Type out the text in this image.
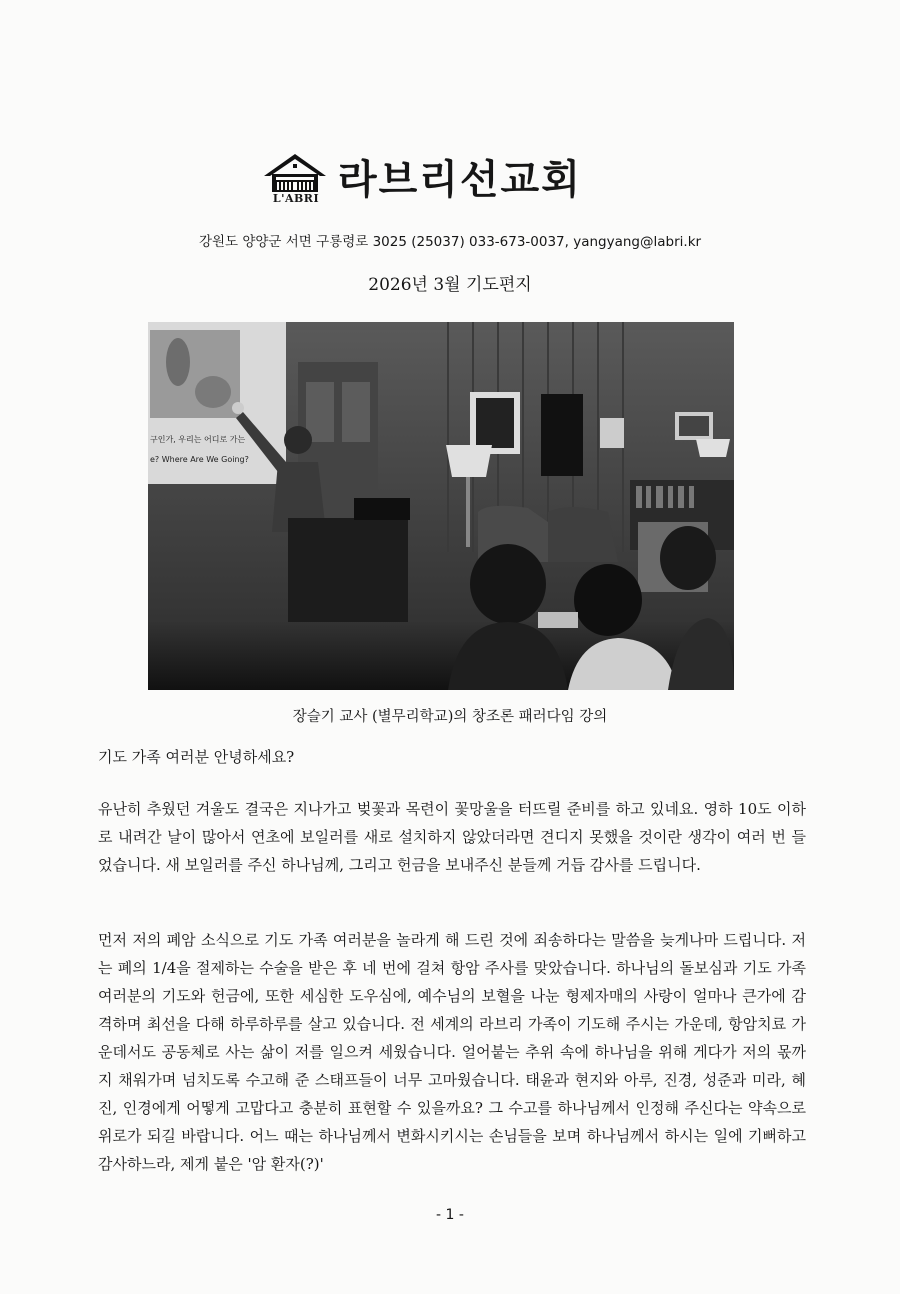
L'ABRI 라브리선교회
강원도 양양군 서면 구룡령로 3025 (25037) 033-673-0037, yangyang@labri.kr
2026년 3월 기도편지
구인가, 우리는 어디로 가는
e? Where Are We Going?
장슬기 교사 (별무리학교)의 창조론 패러다임 강의
기도 가족 여러분 안녕하세요?

유난히 추웠던 겨울도 결국은 지나가고 벚꽃과 목련이 꽃망울을 터뜨릴 준비를 하고 있네요. 영하 10도 이하로 내려간 날이 많아서 연초에 보일러를 새로 설치하지 않았더라면 견디지 못했을 것이란 생각이 여러 번 들었습니다. 새 보일러를 주신 하나님께, 그리고 헌금을 보내주신 분들께 거듭 감사를 드립니다.

먼저 저의 폐암 소식으로 기도 가족 여러분을 놀라게 해 드린 것에 죄송하다는 말씀을 늦게나마 드립니다. 저는 폐의 1/4을 절제하는 수술을 받은 후 네 번에 걸쳐 항암 주사를 맞았습니다. 하나님의 돌보심과 기도 가족 여러분의 기도와 헌금에, 또한 세심한 도우심에, 예수님의 보혈을 나눈 형제자매의 사랑이 얼마나 큰가에 감격하며 최선을 다해 하루하루를 살고 있습니다. 전 세계의 라브리 가족이 기도해 주시는 가운데, 항암치료 가운데서도 공동체로 사는 삶이 저를 일으켜 세웠습니다. 얼어붙는 추위 속에 하나님을 위해 게다가 저의 몫까지 채워가며 넘치도록 수고해 준 스태프들이 너무 고마웠습니다. 태윤과 현지와 아루, 진경, 성준과 미라, 혜진, 인경에게 어떻게 고맙다고 충분히 표현할 수 있을까요? 그 수고를 하나님께서 인정해 주신다는 약속으로 위로가 되길 바랍니다. 어느 때는 하나님께서 변화시키시는 손님들을 보며 하나님께서 하시는 일에 기뻐하고 감사하느라, 제게 붙은 '암 환자(?)'

- 1 -
